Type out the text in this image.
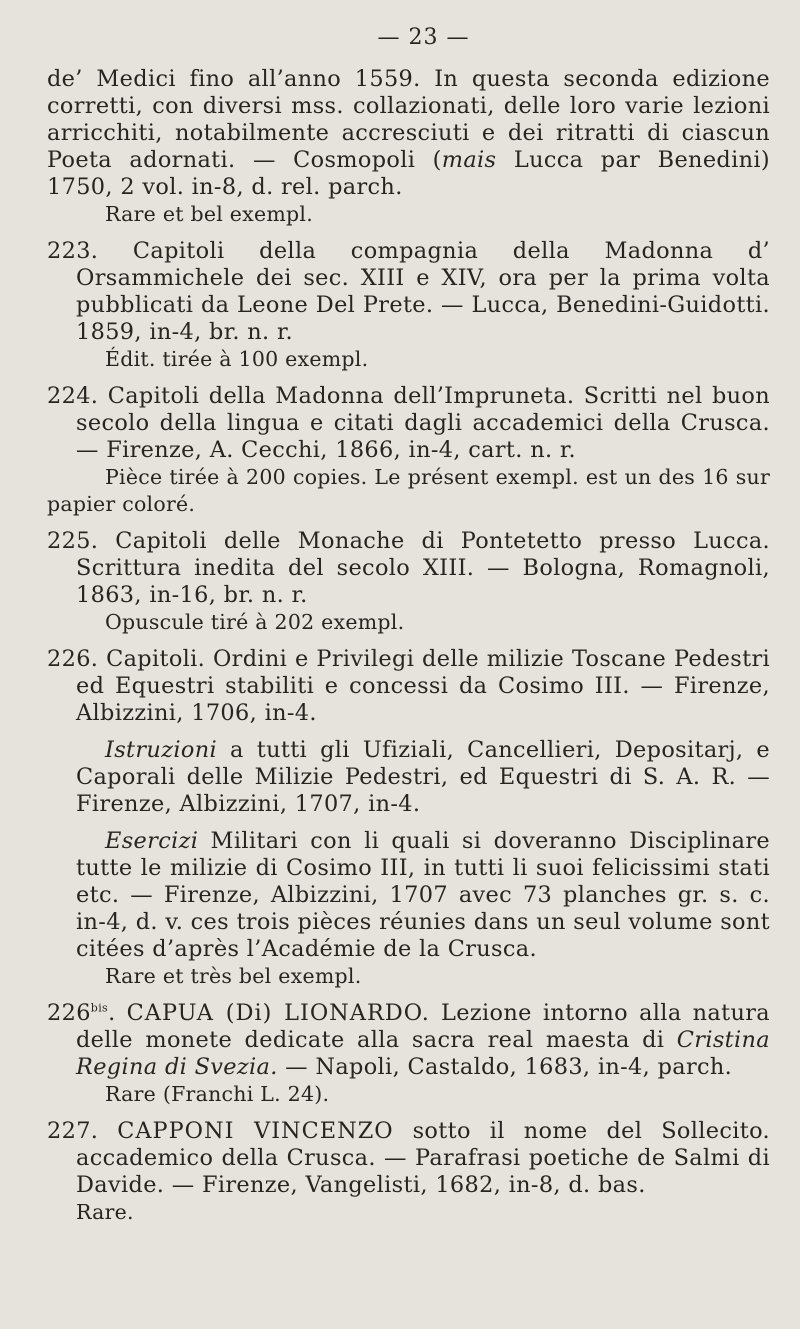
— 23 —

de’ Medici fino all’anno 1559. In questa seconda edizione corretti, con diversi mss. collazionati, delle loro varie lezioni arricchiti, notabilmente accresciuti e dei ritratti di ciascun Poeta adornati. — Cosmopoli (mais Lucca par Benedini) 1750, 2 vol. in-8, d. rel. parch.

Rare et bel exempl.

223. Capitoli della compagnia della Madonna d’ Orsammichele dei sec. XIII e XIV, ora per la prima volta pubblicati da Leone Del Prete. — Lucca, Benedini-Guidotti. 1859, in-4, br. n. r.

Édit. tirée à 100 exempl.

224. Capitoli della Madonna dell’Impruneta. Scritti nel buon secolo della lingua e citati dagli accademici della Crusca. — Firenze, A. Cecchi, 1866, in-4, cart. n. r.

Pièce tirée à 200 copies. Le présent exempl. est un des 16 sur papier coloré.

225. Capitoli delle Monache di Pontetetto presso Lucca. Scrittura inedita del secolo XIII. — Bologna, Romagnoli, 1863, in-16, br. n. r.

Opuscule tiré à 202 exempl.

226. Capitoli. Ordini e Privilegi delle milizie Toscane Pedestri ed Equestri stabiliti e concessi da Cosimo III. — Firenze, Albizzini, 1706, in-4.

Istruzioni a tutti gli Ufiziali, Cancellieri, Depositarj, e Caporali delle Milizie Pedestri, ed Equestri di S. A. R. — Firenze, Albizzini, 1707, in-4.

Esercizi Militari con li quali si doveranno Disciplinare tutte le milizie di Cosimo III, in tutti li suoi felicissimi stati etc. — Firenze, Albizzini, 1707 avec 73 planches gr. s. c. in-4, d. v. ces trois pièces réunies dans un seul volume sont citées d’après l’Académie de la Crusca.

Rare et très bel exempl.

$226^{bis}$. CAPUA (Di) LIONARDO. Lezione intorno alla natura delle monete dedicate alla sacra real maesta di Cristina Regina di Svezia. — Napoli, Castaldo, 1683, in-4, parch.

Rare (Franchi L. 24).

227. CAPPONI VINCENZO sotto il nome del Sollecito. accademico della Crusca. — Parafrasi poetiche de Salmi di Davide. — Firenze, Vangelisti, 1682, in-8, d. bas.

Rare.
